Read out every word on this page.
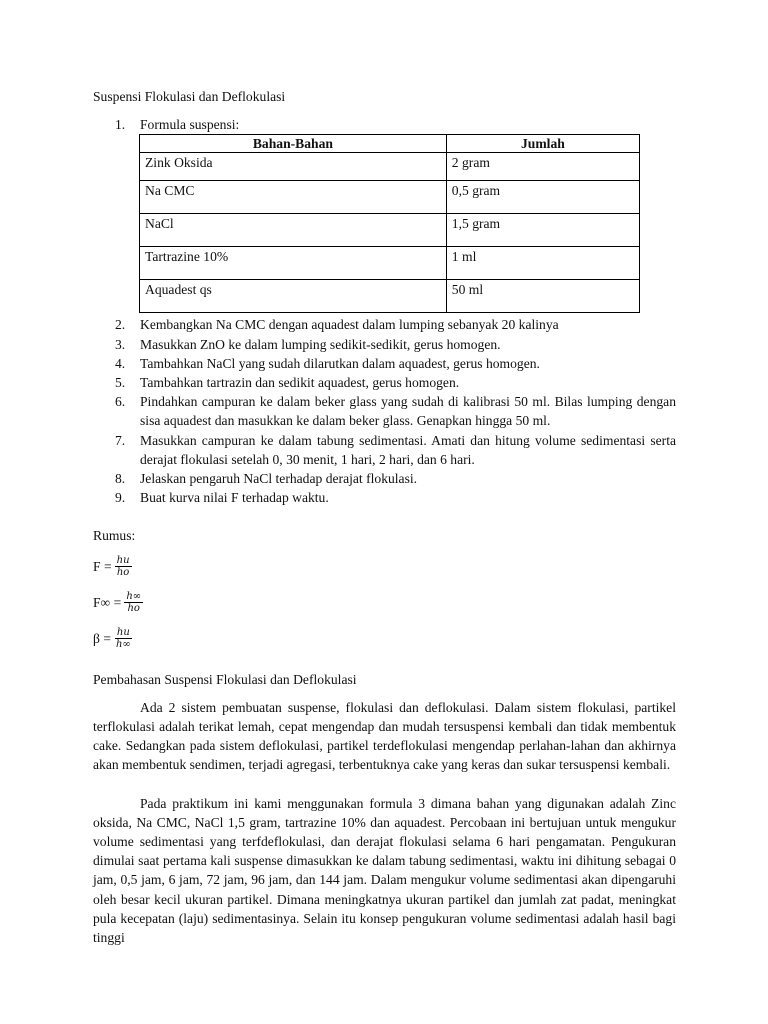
Suspensi Flokulasi dan Deflokulasi

1.	Formula suspensi:
Bahan-Bahan	Jumlah
Zink Oksida	2 gram
Na CMC	0,5 gram
NaCl	1,5 gram
Tartrazine 10%	1 ml
Aquadest qs	50 ml
2.	Kembangkan Na CMC dengan aquadest dalam lumping sebanyak 20 kalinya
3.	Masukkan ZnO ke dalam lumping sedikit-sedikit, gerus homogen.
4.	Tambahkan NaCl yang sudah dilarutkan dalam aquadest, gerus homogen.
5.	Tambahkan tartrazin dan sedikit aquadest, gerus homogen.
6.	Pindahkan campuran ke dalam beker glass yang sudah di kalibrasi 50 ml. Bilas lumping dengan sisa aquadest dan masukkan ke dalam beker glass. Genapkan hingga 50 ml.
7.	Masukkan campuran ke dalam tabung sedimentasi. Amati dan hitung volume sedimentasi serta derajat flokulasi setelah 0, 30 menit, 1 hari, 2 hari, dan 6 hari.
8.	Jelaskan pengaruh NaCl terhadap derajat flokulasi.
9.	Buat kurva nilai F terhadap waktu.

Rumus:

$F = \frac{hu}{ho}$
$F\infty = \frac{h\infty}{ho}$
$\beta = \frac{hu}{h\infty}$

Pembahasan Suspensi Flokulasi dan Deflokulasi

Ada 2 sistem pembuatan suspense, flokulasi dan deflokulasi. Dalam sistem flokulasi, partikel terflokulasi adalah terikat lemah, cepat mengendap dan mudah tersuspensi kembali dan tidak membentuk cake. Sedangkan pada sistem deflokulasi, partikel terdeflokulasi mengendap perlahan-lahan dan akhirnya akan membentuk sendimen, terjadi agregasi, terbentuknya cake yang keras dan sukar tersuspensi kembali.

Pada praktikum ini kami menggunakan formula 3 dimana bahan yang digunakan adalah Zinc oksida, Na CMC, NaCl 1,5 gram, tartrazine 10% dan aquadest. Percobaan ini bertujuan untuk mengukur volume sedimentasi yang terfdeflokulasi, dan derajat flokulasi selama 6 hari pengamatan. Pengukuran dimulai saat pertama kali suspense dimasukkan ke dalam tabung sedimentasi, waktu ini dihitung sebagai 0 jam, 0,5 jam, 6 jam, 72 jam, 96 jam, dan 144 jam. Dalam mengukur volume sedimentasi akan dipengaruhi oleh besar kecil ukuran partikel. Dimana meningkatnya ukuran partikel dan jumlah zat padat, meningkat pula kecepatan (laju) sedimentasinya. Selain itu konsep pengukuran volume sedimentasi adalah hasil bagi tinggi
